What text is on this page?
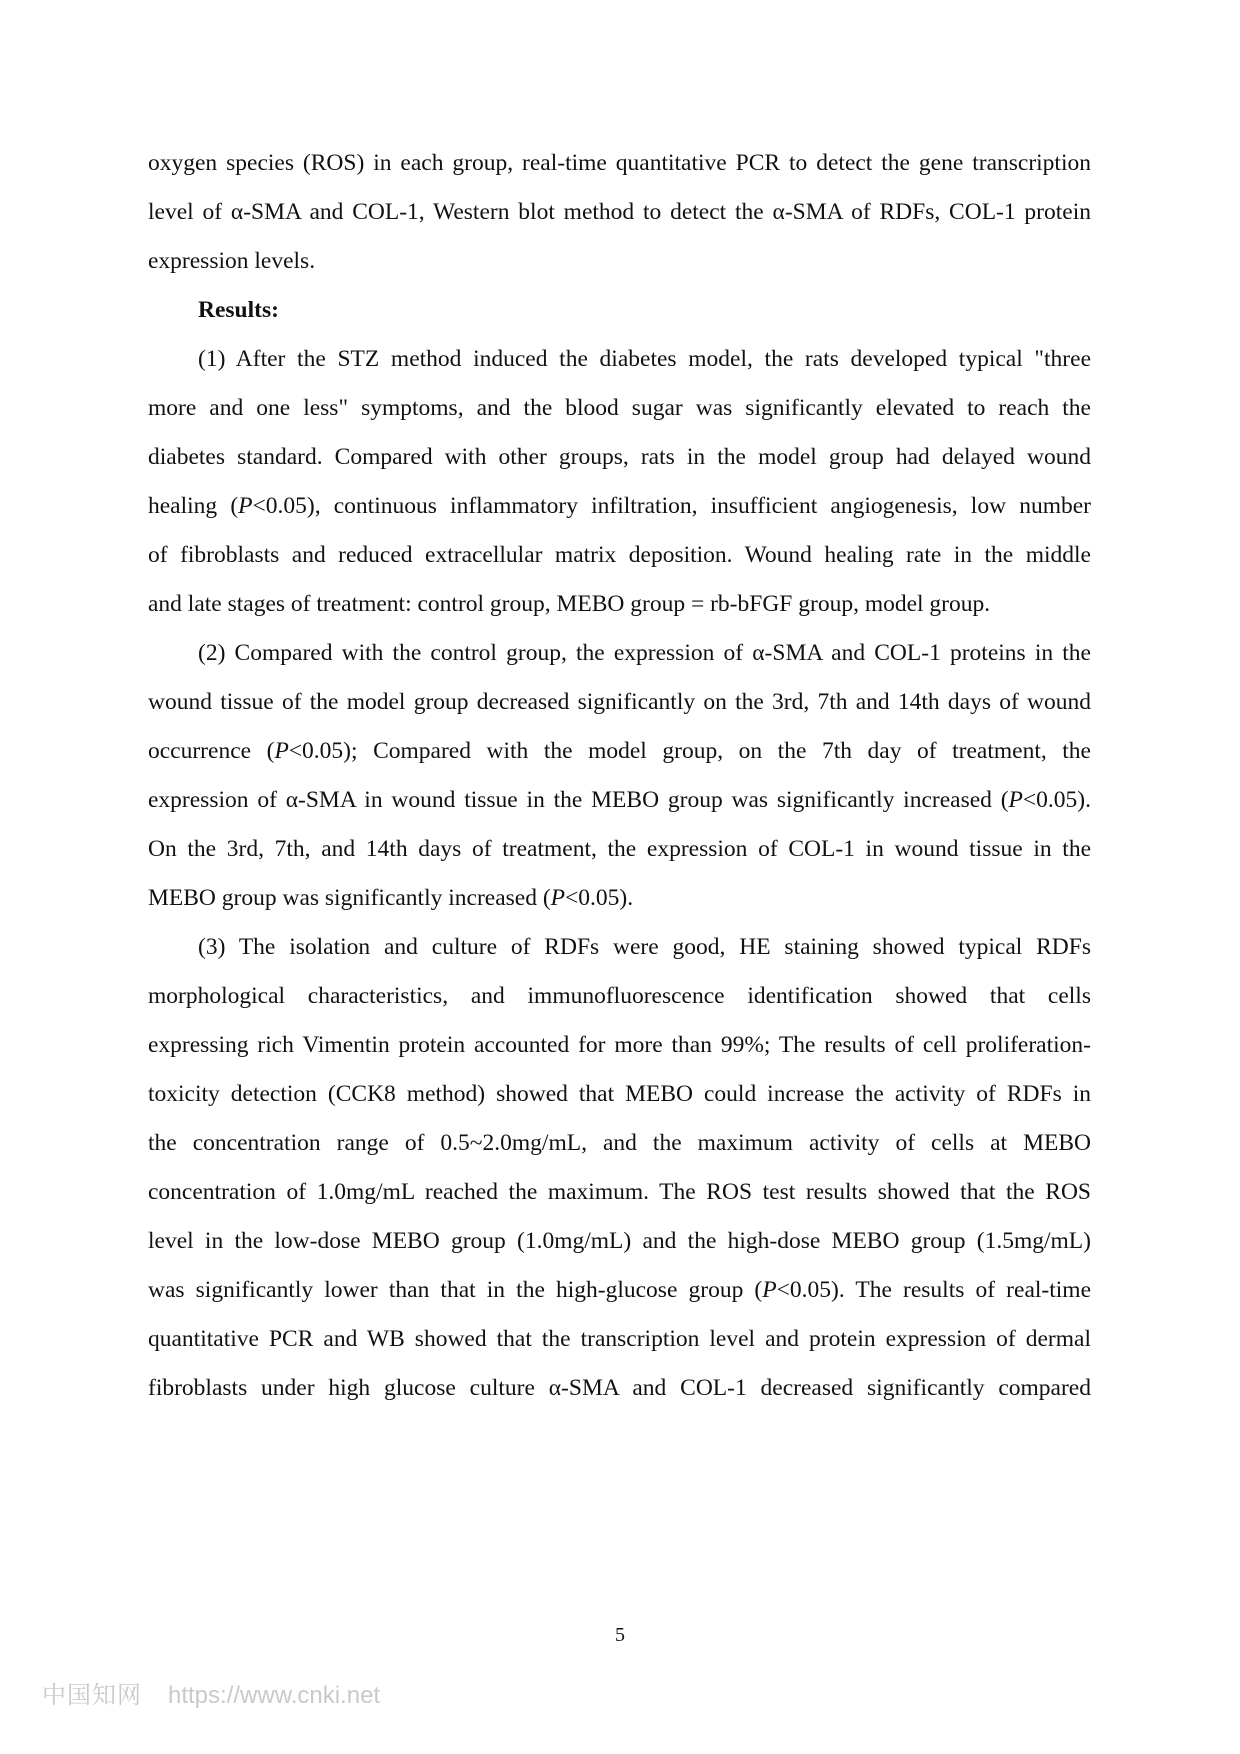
oxygen species (ROS) in each group, real-time quantitative PCR to detect the gene transcription
level of α-SMA and COL-1, Western blot method to detect the α-SMA of RDFs, COL-1 protein
expression levels.
Results:
(1) After the STZ method induced the diabetes model, the rats developed typical "three
more and one less" symptoms, and the blood sugar was significantly elevated to reach the
diabetes standard. Compared with other groups, rats in the model group had delayed wound
healing (P<0.05), continuous inflammatory infiltration, insufficient angiogenesis, low number
of fibroblasts and reduced extracellular matrix deposition. Wound healing rate in the middle
and late stages of treatment: control group, MEBO group = rb-bFGF group, model group.
(2) Compared with the control group, the expression of α-SMA and COL-1 proteins in the
wound tissue of the model group decreased significantly on the 3rd, 7th and 14th days of wound
occurrence (P<0.05); Compared with the model group, on the 7th day of treatment, the
expression of α-SMA in wound tissue in the MEBO group was significantly increased (P<0.05).
On the 3rd, 7th, and 14th days of treatment, the expression of COL-1 in wound tissue in the
MEBO group was significantly increased (P<0.05).
(3) The isolation and culture of RDFs were good, HE staining showed typical RDFs
morphological characteristics, and immunofluorescence identification showed that cells
expressing rich Vimentin protein accounted for more than 99%; The results of cell proliferation-
toxicity detection (CCK8 method) showed that MEBO could increase the activity of RDFs in
the concentration range of 0.5~2.0mg/mL, and the maximum activity of cells at MEBO
concentration of 1.0mg/mL reached the maximum. The ROS test results showed that the ROS
level in the low-dose MEBO group (1.0mg/mL) and the high-dose MEBO group (1.5mg/mL)
was significantly lower than that in the high-glucose group (P<0.05). The results of real-time
quantitative PCR and WB showed that the transcription level and protein expression of dermal
fibroblasts under high glucose culture α-SMA and COL-1 decreased significantly compared
5
中国知网 https://www.cnki.net
